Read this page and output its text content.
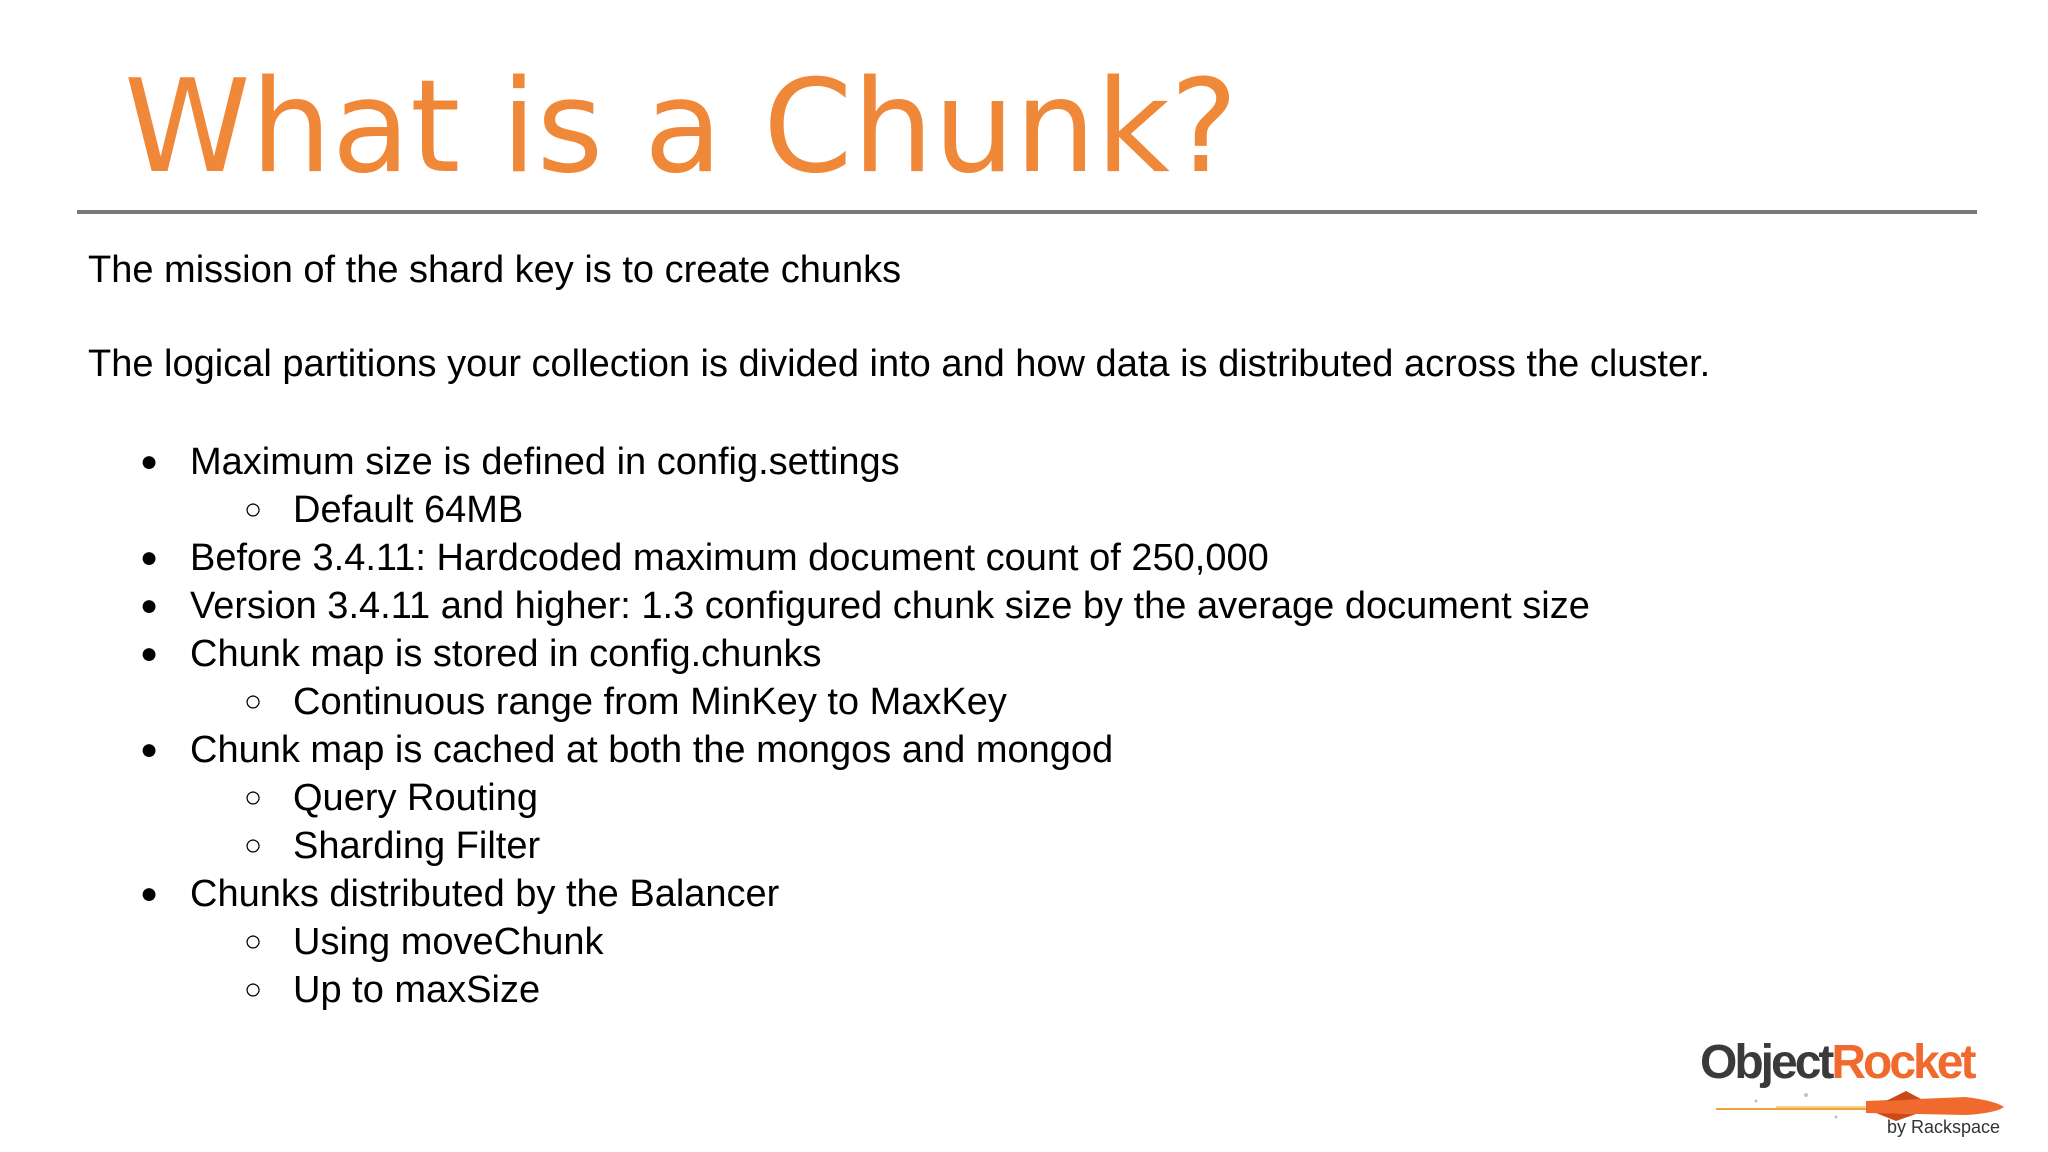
What is a Chunk?

The mission of the shard key is to create chunks

The logical partitions your collection is divided into and how data is distributed across the cluster.

● Maximum size is defined in config.settings
○ Default 64MB
● Before 3.4.11: Hardcoded maximum document count of 250,000
● Version 3.4.11 and higher: 1.3 configured chunk size by the average document size
● Chunk map is stored in config.chunks
○ Continuous range from MinKey to MaxKey
● Chunk map is cached at both the mongos and mongod
○ Query Routing
○ Sharding Filter
● Chunks distributed by the Balancer
○ Using moveChunk
○ Up to maxSize
ObjectRocket
by Rackspace
